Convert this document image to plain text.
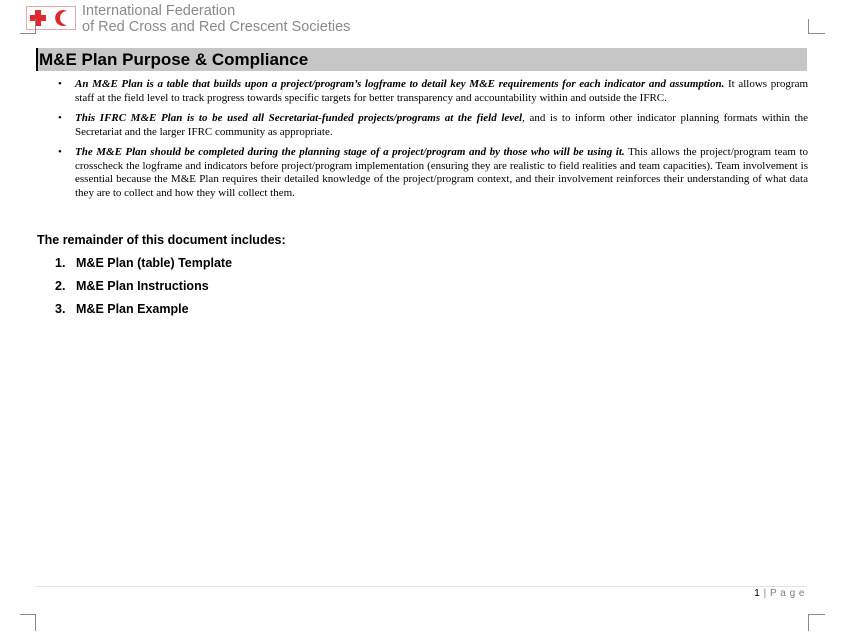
International Federation
of Red Cross and Red Crescent Societies
M&E Plan Purpose & Compliance
• An M&E Plan is a table that builds upon a project/program’s logframe to detail key M&E requirements for each indicator and assumption. It allows program staff at the field level to track progress towards specific targets for better transparency and accountability within and outside the IFRC.
• This IFRC M&E Plan is to be used all Secretariat-funded projects/programs at the field level, and is to inform other indicator planning formats within the Secretariat and the larger IFRC community as appropriate.
• The M&E Plan should be completed during the planning stage of a project/program and by those who will be using it. This allows the project/program team to crosscheck the logframe and indicators before project/program implementation (ensuring they are realistic to field realities and team capacities). Team involvement is essential because the M&E Plan requires their detailed knowledge of the project/program context, and their involvement reinforces their understanding of what data they are to collect and how they will collect them.
The remainder of this document includes:
1. M&E Plan (table) Template
2. M&E Plan Instructions
3. M&E Plan Example
1 | P a g e
